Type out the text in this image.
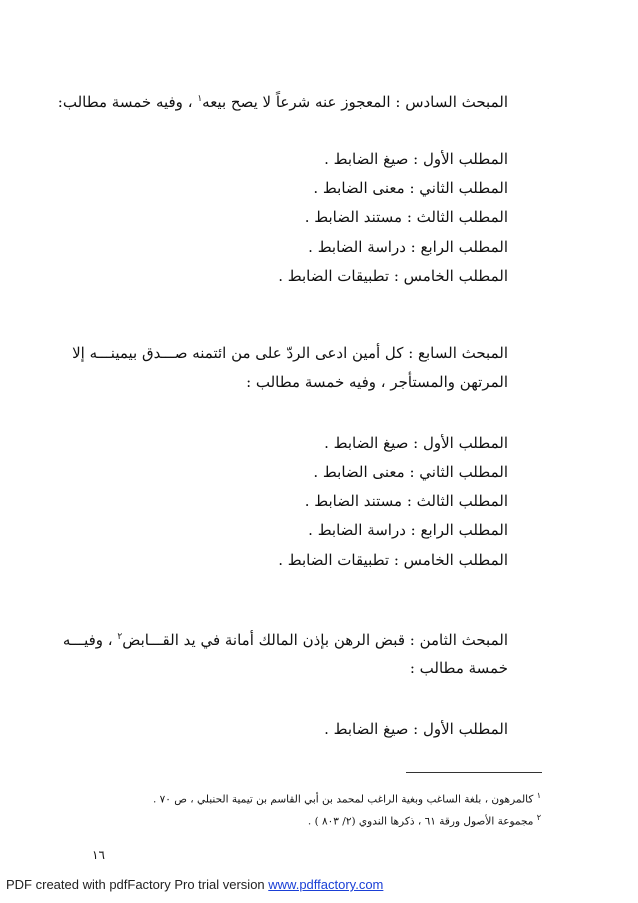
المبحث السادس : المعجوز عنه شرعاً لا يصح بيعه$^١$ ، وفيه خمسة مطالب:
المطلب الأول : صيغ الضابط .
المطلب الثاني : معنى الضابط .
المطلب الثالث : مستند الضابط .
المطلب الرابع : دراسة الضابط .
المطلب الخامس : تطبيقات الضابط .
المبحث السابع : كل أمين ادعى الردّ على من ائتمنه صـــدق بيمينـــه إلا
المرتهن والمستأجر ، وفيه خمسة مطالب :
المطلب الأول : صيغ الضابط .
المطلب الثاني : معنى الضابط .
المطلب الثالث : مستند الضابط .
المطلب الرابع : دراسة الضابط .
المطلب الخامس : تطبيقات الضابط .
المبحث الثامن : قبض الرهن بإذن المالك أمانة في يد القـــابض$^٢$ ، وفيـــه
خمسة مطالب :
المطلب الأول : صيغ الضابط .
$^١$ كالمرهون ، بلغة الساغب وبغية الراغب لمحمد بن أبي القاسم بن تيمية الحنبلي ، ص ٧٠ .
$^٢$ مجموعة الأصول ورقة ٦١ ، ذكرها الندوي (٢/ ٨٠٣ ) .
١٦
PDF created with pdfFactory Pro trial version www.pdffactory.com
